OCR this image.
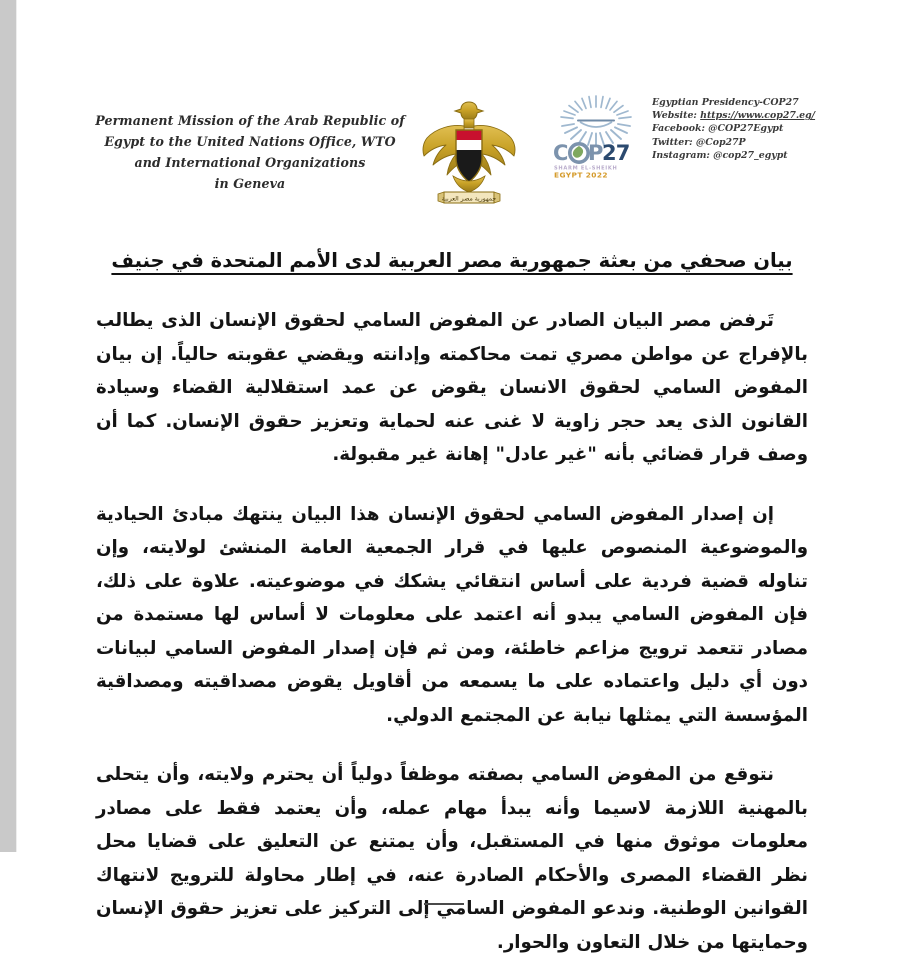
Permanent Mission of the Arab Republic of
Egypt to the United Nations Office, WTO
and International Organizations
in Geneva
جمهورية مصر العربية
C P 27
SHARM EL-SHEIKH
EGYPT 2022
Egyptian Presidency-COP27
Website: https://www.cop27.eg/
Facebook: @COP27Egypt
Twitter: @Cop27P
Instagram: @cop27_egypt
بيان صحفي من بعثة جمهورية مصر العربية لدى الأمم المتحدة في جنيف

تَرفض مصر البيان الصادر عن المفوض السامي لحقوق الإنسان الذى يطالب بالإفراج عن مواطن مصري تمت محاكمته وإدانته ويقضي عقوبته حالياً. إن بيان المفوض السامي لحقوق الانسان يقوض عن عمد استقلالية القضاء وسيادة القانون الذى يعد حجر زاوية لا غنى عنه لحماية وتعزيز حقوق الإنسان. كما أن وصف قرار قضائي بأنه "غير عادل" إهانة غير مقبولة.

إن إصدار المفوض السامي لحقوق الإنسان هذا البيان ينتهك مبادئ الحيادية والموضوعية المنصوص عليها في قرار الجمعية العامة المنشئ لولايته، وإن تناوله قضية فردية على أساس انتقائي يشكك في موضوعيته. علاوة على ذلك، فإن المفوض السامي يبدو أنه اعتمد على معلومات لا أساس لها مستمدة من مصادر تتعمد ترويج مزاعم خاطئة، ومن ثم فإن إصدار المفوض السامي لبيانات دون أي دليل واعتماده على ما يسمعه من أقاويل يقوض مصداقيته ومصداقية المؤسسة التي يمثلها نيابة عن المجتمع الدولي.

نتوقع من المفوض السامي بصفته موظفاً دولياً أن يحترم ولايته، وأن يتحلى بالمهنية اللازمة لاسيما وأنه يبدأ مهام عمله، وأن يعتمد فقط على مصادر معلومات موثوق منها في المستقبل، وأن يمتنع عن التعليق على قضايا محل نظر القضاء المصرى والأحكام الصادرة عنه، في إطار محاولة للترويج لانتهاك القوانين الوطنية. وندعو المفوض السامي إلى التركيز على تعزيز حقوق الإنسان وحمايتها من خلال التعاون والحوار.
